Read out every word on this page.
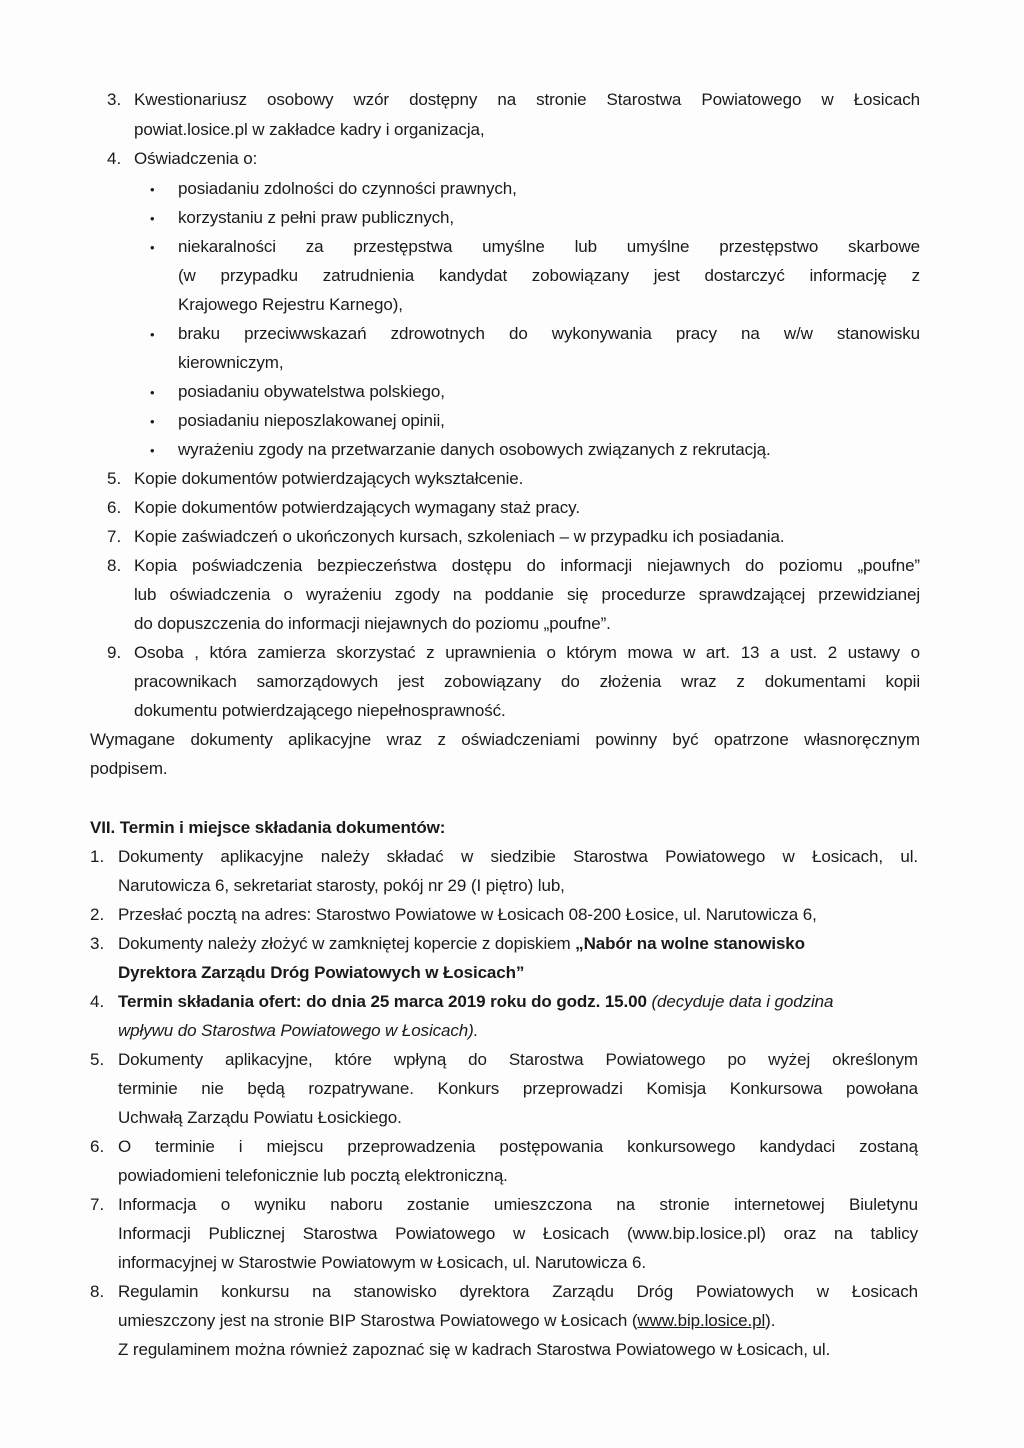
3. Kwestionariusz osobowy wzór dostępny na stronie Starostwa Powiatowego w Łosicach
powiat.losice.pl w zakładce kadry i organizacja,
4. Oświadczenia o:
• posiadaniu zdolności do czynności prawnych,
• korzystaniu z pełni praw publicznych,
• niekaralności za przestępstwa umyślne lub umyślne przestępstwo skarbowe
(w przypadku zatrudnienia kandydat zobowiązany jest dostarczyć informację z
Krajowego Rejestru Karnego),
• braku przeciwwskazań zdrowotnych do wykonywania pracy na w/w stanowisku
kierowniczym,
• posiadaniu obywatelstwa polskiego,
• posiadaniu nieposzlakowanej opinii,
• wyrażeniu zgody na przetwarzanie danych osobowych związanych z rekrutacją.
5. Kopie dokumentów potwierdzających wykształcenie.
6. Kopie dokumentów potwierdzających wymagany staż pracy.
7. Kopie zaświadczeń o ukończonych kursach, szkoleniach – w przypadku ich posiadania.
8. Kopia poświadczenia bezpieczeństwa dostępu do informacji niejawnych do poziomu „poufne”
lub oświadczenia o wyrażeniu zgody na poddanie się procedurze sprawdzającej przewidzianej
do dopuszczenia do informacji niejawnych do poziomu „poufne”.
9. Osoba , która zamierza skorzystać z uprawnienia o którym mowa w art. 13 a ust. 2 ustawy o
pracownikach samorządowych jest zobowiązany do złożenia wraz z dokumentami kopii
dokumentu potwierdzającego niepełnosprawność.
Wymagane dokumenty aplikacyjne wraz z oświadczeniami powinny być opatrzone własnoręcznym
podpisem.
VII. Termin i miejsce składania dokumentów:
1. Dokumenty aplikacyjne należy składać w siedzibie Starostwa Powiatowego w Łosicach, ul.
Narutowicza 6, sekretariat starosty, pokój nr 29 (I piętro) lub,
2. Przesłać pocztą na adres: Starostwo Powiatowe w Łosicach 08-200 Łosice, ul. Narutowicza 6,
3. Dokumenty należy złożyć w zamkniętej kopercie z dopiskiem „Nabór na wolne stanowisko
Dyrektora Zarządu Dróg Powiatowych w Łosicach”
4. Termin składania ofert: do dnia 25 marca 2019 roku do godz. 15.00 (decyduje data i godzina
wpływu do Starostwa Powiatowego w Łosicach).
5. Dokumenty aplikacyjne, które wpłyną do Starostwa Powiatowego po wyżej określonym
terminie nie będą rozpatrywane. Konkurs przeprowadzi Komisja Konkursowa powołana
Uchwałą Zarządu Powiatu Łosickiego.
6. O terminie i miejscu przeprowadzenia postępowania konkursowego kandydaci zostaną
powiadomieni telefonicznie lub pocztą elektroniczną.
7. Informacja o wyniku naboru zostanie umieszczona na stronie internetowej Biuletynu
Informacji Publicznej Starostwa Powiatowego w Łosicach (www.bip.losice.pl) oraz na tablicy
informacyjnej w Starostwie Powiatowym w Łosicach, ul. Narutowicza 6.
8. Regulamin konkursu na stanowisko dyrektora Zarządu Dróg Powiatowych w Łosicach
umieszczony jest na stronie BIP Starostwa Powiatowego w Łosicach (www.bip.losice.pl).
Z regulaminem można również zapoznać się w kadrach Starostwa Powiatowego w Łosicach, ul.
